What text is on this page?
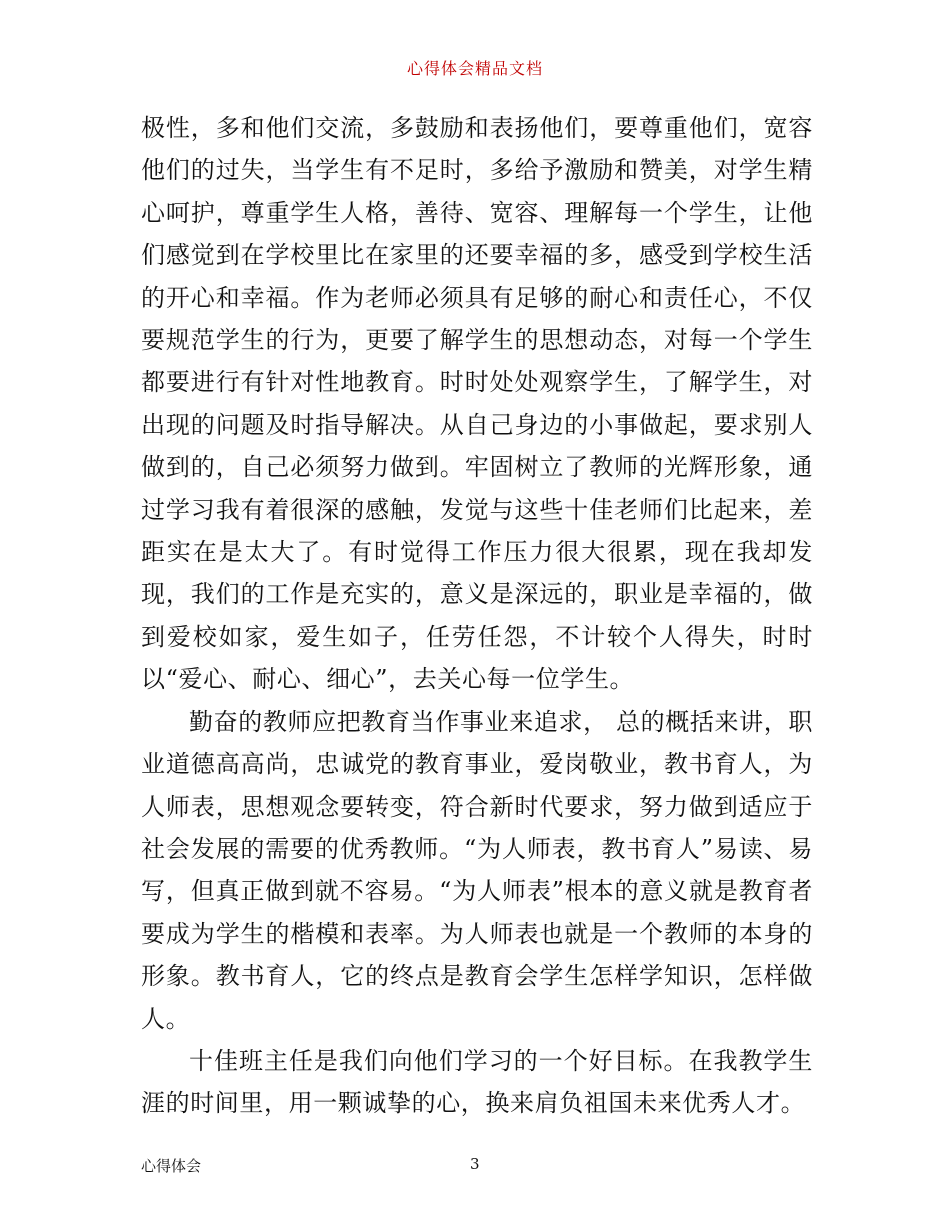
心得体会精品文档

极性，多和他们交流，多鼓励和表扬他们，要尊重他们，宽容他们的过失，当学生有不足时，多给予激励和赞美，对学生精心呵护，尊重学生人格，善待、宽容、理解每一个学生，让他们感觉到在学校里比在家里的还要幸福的多，感受到学校生活的开心和幸福。作为老师必须具有足够的耐心和责任心，不仅要规范学生的行为，更要了解学生的思想动态，对每一个学生都要进行有针对性地教育。时时处处观察学生，了解学生，对出现的问题及时指导解决。从自己身边的小事做起，要求别人做到的，自己必须努力做到。牢固树立了教师的光辉形象，通过学习我有着很深的感触，发觉与这些十佳老师们比起来，差距实在是太大了。有时觉得工作压力很大很累，现在我却发现，我们的工作是充实的，意义是深远的，职业是幸福的，做到爱校如家，爱生如子，任劳任怨，不计较个人得失，时时以“爱心、耐心、细心”，去关心每一位学生。

勤奋的教师应把教育当作事业来追求， 总的概括来讲，职业道德高高尚，忠诚党的教育事业，爱岗敬业，教书育人，为人师表，思想观念要转变，符合新时代要求，努力做到适应于社会发展的需要的优秀教师。“为人师表，教书育人”易读、易写，但真正做到就不容易。“为人师表”根本的意义就是教育者要成为学生的楷模和表率。为人师表也就是一个教师的本身的形象。教书育人，它的终点是教育会学生怎样学知识，怎样做人。

十佳班主任是我们向他们学习的一个好目标。在我教学生涯的时间里，用一颗诚挚的心，换来肩负祖国未来优秀人才。

心得体会	3
